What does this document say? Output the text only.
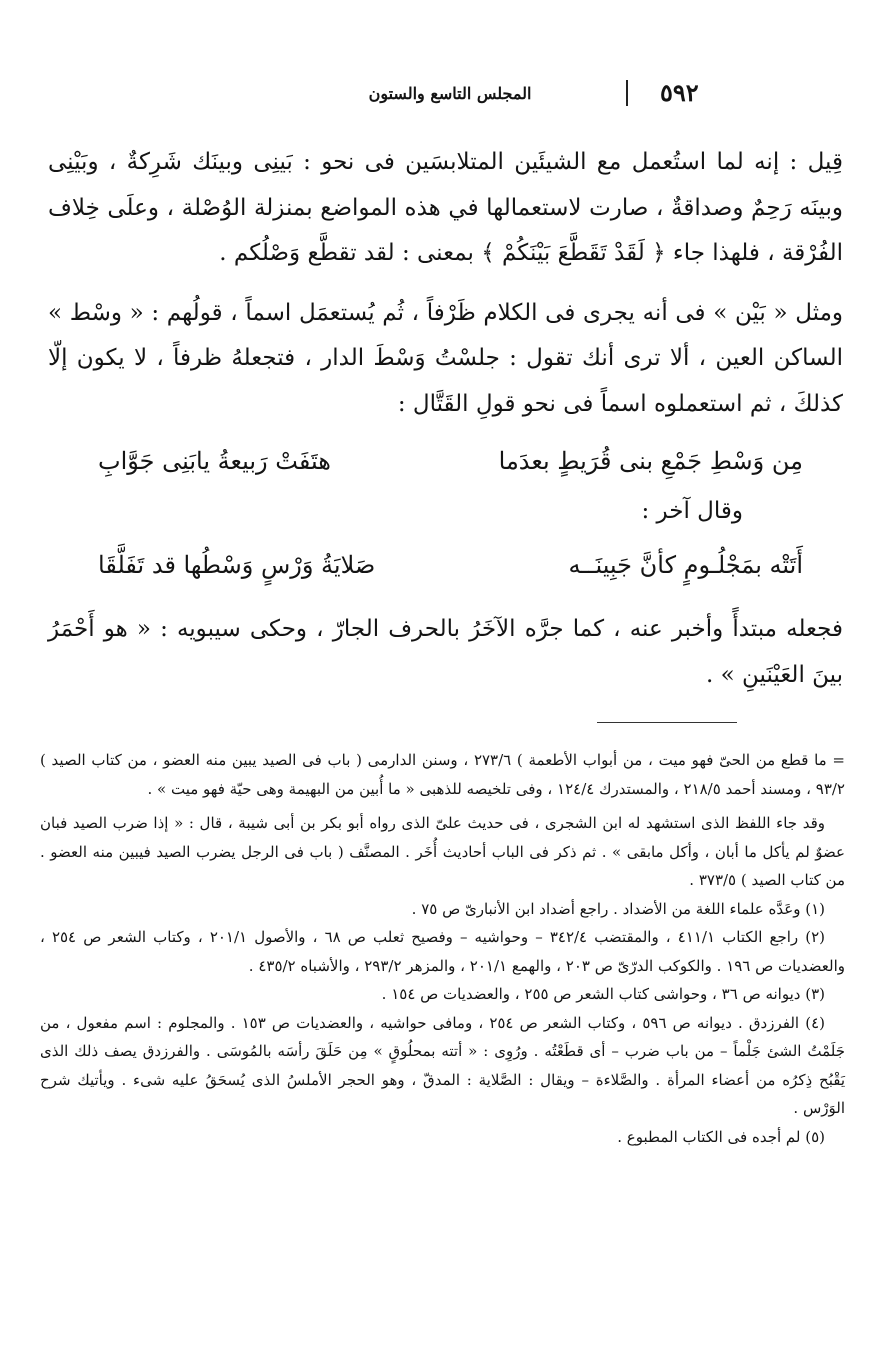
٥٩٢
المجلس التاسع والستون

قِيل : إنه لما استُعمل مع الشيئَين المتلابسَين فى نحو : بَينِى وبينَك شَرِكةٌ ، وبَيْنِى وبينَه رَحِمٌ وصداقةٌ ، صارت لاستعمالها في هذه المواضع بمنزلة الوُصْلة ، وعلَى خِلاف الفُرْقة ، فلهذا جاء ﴿ لَقَدْ تَقَطَّعَ بَيْنَكُمْ ﴾ بمعنى : لقد تقطَّع وَصْلُكم .

ومثل « بَيْن » فى أنه يجرى فى الكلام ظَرْفاً ، ثُم يُستعمَل اسماً ، قولُهم : « وسْط » الساكن العين ، ألا ترى أنك تقول : جلسْتُ وَسْطَ الدار ، فتجعلهُ ظرفاً ، لا يكون إلّا كذلكَ ، ثم استعملوه اسماً فى نحو قولِ القَتَّال :

مِن وَسْطِ جَمْعِ بنى قُرَيطٍ بعدَما
هتَفَتْ رَبيعةُ يابَنِى جَوَّابِ
وقال آخر :
أَتَتْه بمَجْلُـومٍ كأنَّ جَبِينَــه
صَلايَةُ وَرْسٍ وَسْطُها قد تَفَلَّقَا

فجعله مبتدأً وأخبر عنه ، كما جرَّه الآخَرُ بالحرف الجارّ ، وحكى سيبويه : « هو أَحْمَرُ بينَ العَيْنَينِ » .

= ما قطع من الحىّ فهو ميت ، من أبواب الأطعمة ) ٢٧٣/٦ ، وسنن الدارمى ( باب فى الصيد يبين منه العضو ، من كتاب الصيد ) ٩٣/٢ ، ومسند أحمد ٢١٨/٥ ، والمستدرك ١٢٤/٤ ، وفى تلخيصه للذهبى « ما أُبين من البهيمة وهى حيّة فهو ميت » .

وقد جاء اللفظ الذى استشهد له ابن الشجرى ، فى حديث علىّ الذى رواه أبو بكر بن أبى شيبة ، قال : « إذا ضرب الصيد فبان عضوٌ لم يأكل ما أبان ، وأكل مابقى » . ثم ذكر فى الباب أحاديث أُخَر . المصنَّف ( باب فى الرجل يضرب الصيد فيبين منه العضو . من كتاب الصيد ) ٣٧٣/٥ .

(١) وعَدَّه علماء اللغة من الأضداد . راجع أضداد ابن الأنبارىّ ص ٧٥ .

(٢) راجع الكتاب ٤١١/١ ، والمقتضب ٣٤٢/٤ – وحواشيه – وفصيح ثعلب ص ٦٨ ، والأصول ٢٠١/١ ، وكتاب الشعر ص ٢٥٤ ، والعضديات ص ١٩٦ . والكوكب الدرّىّ ص ٢٠٣ ، والهمع ٢٠١/١ ، والمزهر ٢٩٣/٢ ، والأشباه ٤٣٥/٢ .

(٣) ديوانه ص ٣٦ ، وحواشى كتاب الشعر ص ٢٥٥ ، والعضديات ص ١٥٤ .

(٤) الفرزدق . ديوانه ص ٥٩٦ ، وكتاب الشعر ص ٢٥٤ ، ومافى حواشيه ، والعضديات ص ١٥٣ . والمجلوم : اسم مفعول ، من جَلَمْتُ الشئ جَلْماً – من باب ضرب – أى قطَعْتُه . ورُوِى : « أتته بمحلُوقٍ » مِن حَلَقَ رأسَه بالمُوسَى . والفرزدق يصف ذلك الذى يَقْبُح ذِكرُه من أعضاء المرأة . والصَّلاءة – ويقال : الصَّلاية : المدقّ ، وهو الحجر الأملسُ الذى يُسحَقُ عليه شىء . ويأتيك شرح الوَرْس .

(٥) لم أجده فى الكتاب المطبوع .
